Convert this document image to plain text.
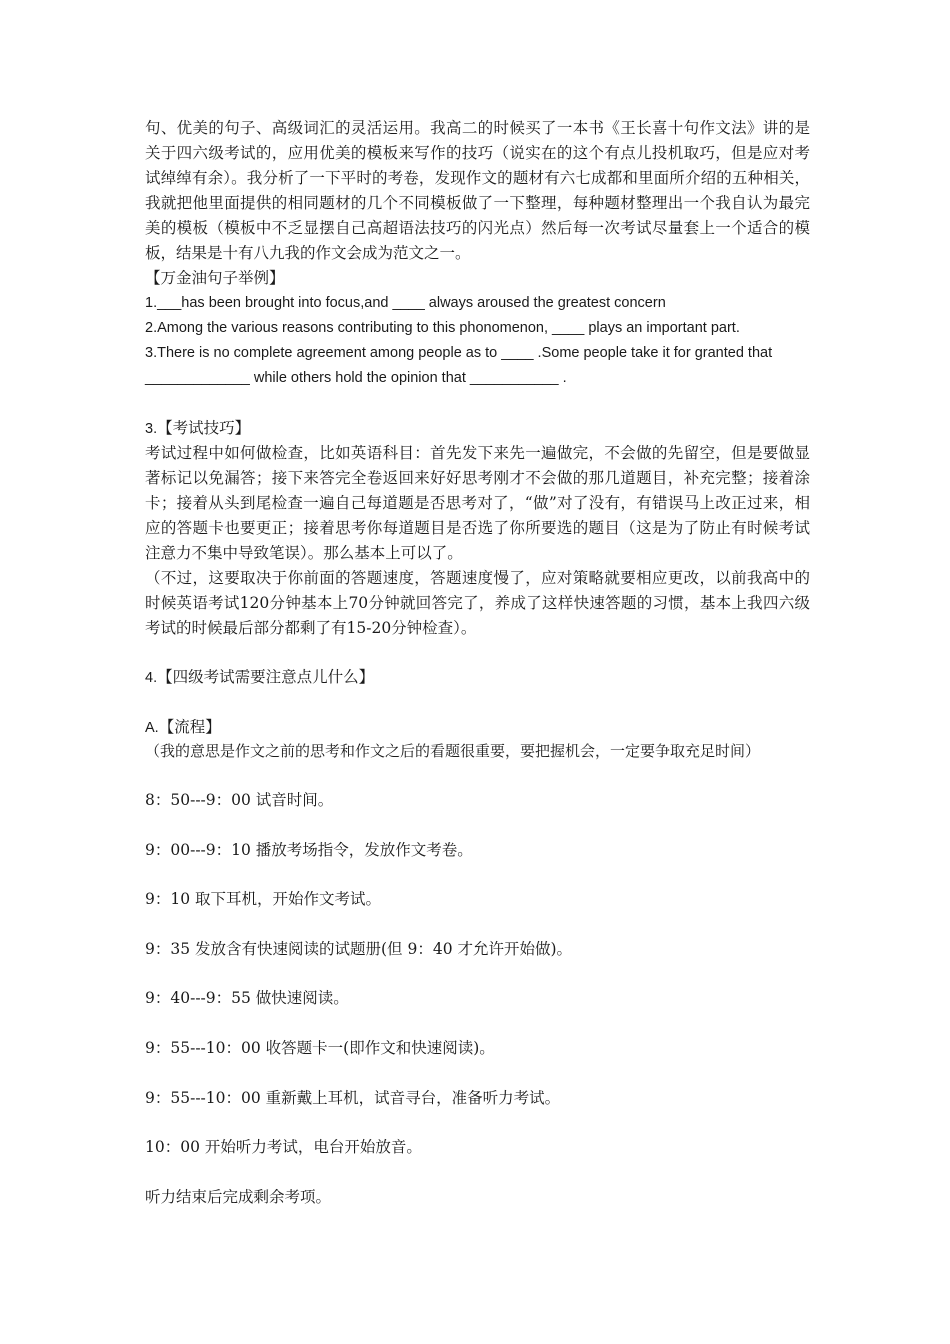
句、优美的句子、高级词汇的灵活运用。我高二的时候买了一本书《王长喜十句作文法》讲的是关于四六级考试的，应用优美的模板来写作的技巧（说实在的这个有点儿投机取巧，但是应对考试绰绰有余）。我分析了一下平时的考卷，发现作文的题材有六七成都和里面所介绍的五种相关，我就把他里面提供的相同题材的几个不同模板做了一下整理，每种题材整理出一个我自认为最完美的模板（模板中不乏显摆自己高超语法技巧的闪光点）然后每一次考试尽量套上一个适合的模板，结果是十有八九我的作文会成为范文之一。
【万金油句子举例】
1.___has been brought into focus,and ____ always aroused the greatest concern
2.Among the various reasons contributing to this phonomenon, ____ plays an important part.
3.There is no complete agreement among people as to ____ .Some people take it for granted that
_____________ while others hold the opinion that ___________ .
3.【考试技巧】
考试过程中如何做检查，比如英语科目：首先发下来先一遍做完，不会做的先留空，但是要做显著标记以免漏答；接下来答完全卷返回来好好思考刚才不会做的那几道题目，补充完整；接着涂卡；接着从头到尾检查一遍自己每道题是否思考对了，“做”对了没有，有错误马上改正过来，相应的答题卡也要更正；接着思考你每道题目是否选了你所要选的题目（这是为了防止有时候考试注意力不集中导致笔误）。那么基本上可以了。
（不过，这要取决于你前面的答题速度，答题速度慢了，应对策略就要相应更改，以前我高中的时候英语考试120分钟基本上70分钟就回答完了，养成了这样快速答题的习惯，基本上我四六级考试的时候最后部分都剩了有15-20分钟检查）。
4.【四级考试需要注意点儿什么】
A.【流程】
（我的意思是作文之前的思考和作文之后的看题很重要，要把握机会，一定要争取充足时间）
8：50---9：00 试音时间。
9：00---9：10 播放考场指令，发放作文考卷。
9：10 取下耳机，开始作文考试。
9：35 发放含有快速阅读的试题册(但 9：40 才允许开始做)。
9：40---9：55 做快速阅读。
9：55---10：00 收答题卡一(即作文和快速阅读)。
9：55---10：00 重新戴上耳机，试音寻台，准备听力考试。
10：00 开始听力考试，电台开始放音。
听力结束后完成剩余考项。
